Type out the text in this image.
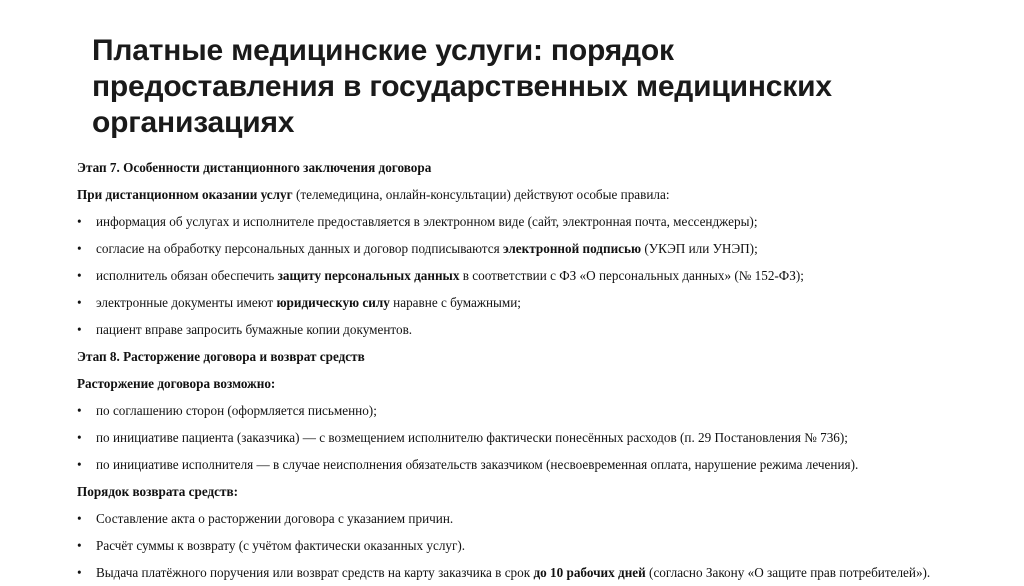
Платные медицинские услуги: порядок
предоставления в государственных медицинских
организациях
Этап 7. Особенности дистанционного заключения договора
При дистанционном оказании услуг (телемедицина, онлайн-консультации) действуют особые правила:
• информация об услугах и исполнителе предоставляется в электронном виде (сайт, электронная почта, мессенджеры);
• согласие на обработку персональных данных и договор подписываются электронной подписью (УКЭП или УНЭП);
• исполнитель обязан обеспечить защиту персональных данных в соответствии с ФЗ «О персональных данных» (№ 152-ФЗ);
• электронные документы имеют юридическую силу наравне с бумажными;
• пациент вправе запросить бумажные копии документов.
Этап 8. Расторжение договора и возврат средств
Расторжение договора возможно:
• по соглашению сторон (оформляется письменно);
• по инициативе пациента (заказчика) — с возмещением исполнителю фактически понесённых расходов (п. 29 Постановления № 736);
• по инициативе исполнителя — в случае неисполнения обязательств заказчиком (несвоевременная оплата, нарушение режима лечения).
Порядок возврата средств:
• Составление акта о расторжении договора с указанием причин.
• Расчёт суммы к возврату (с учётом фактически оказанных услуг).
• Выдача платёжного поручения или возврат средств на карту заказчика в срок до 10 рабочих дней (согласно Закону «О защите прав потребителей»).
